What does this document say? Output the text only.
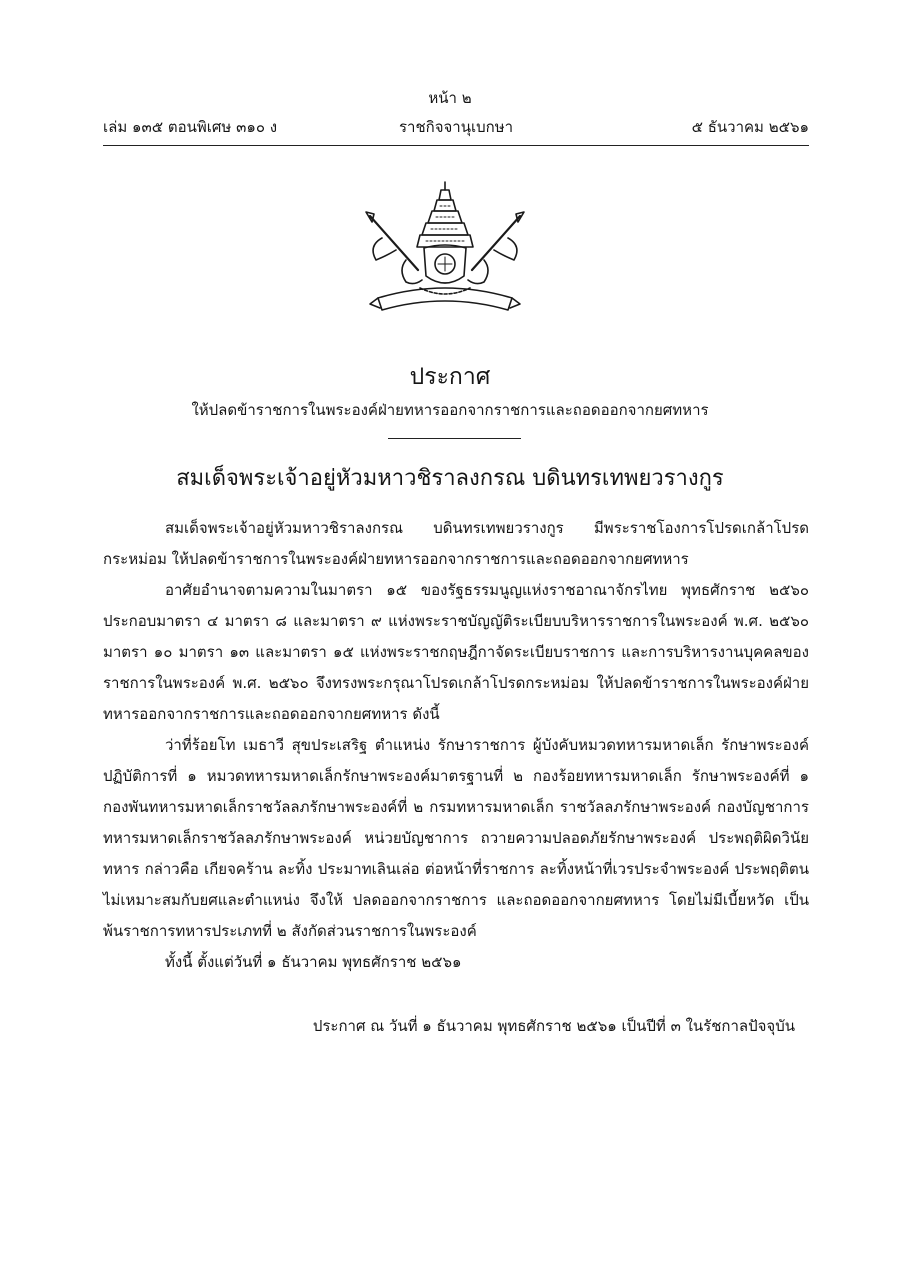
หน้า ๒
เล่ม ๑๓๕ ตอนพิเศษ ๓๑๐ ง	ราชกิจจานุเบกษา	๕ ธันวาคม ๒๕๖๑
ประกาศ
ให้ปลดข้าราชการในพระองค์ฝ่ายทหารออกจากราชการและถอดออกจากยศทหาร
สมเด็จพระเจ้าอยู่หัวมหาวชิราลงกรณ บดินทรเทพยวรางกูร

สมเด็จพระเจ้าอยู่หัวมหาวชิราลงกรณ บดินทรเทพยวรางกูร มีพระราชโองการโปรดเกล้าโปรดกระหม่อม ให้ปลดข้าราชการในพระองค์ฝ่ายทหารออกจากราชการและถอดออกจากยศทหาร

อาศัยอำนาจตามความในมาตรา ๑๕ ของรัฐธรรมนูญแห่งราชอาณาจักรไทย พุทธศักราช ๒๕๖๐ ประกอบมาตรา ๔ มาตรา ๘ และมาตรา ๙ แห่งพระราชบัญญัติระเบียบบริหารราชการในพระองค์ พ.ศ. ๒๕๖๐ มาตรา ๑๐ มาตรา ๑๓ และมาตรา ๑๕ แห่งพระราชกฤษฎีกาจัดระเบียบราชการ และการบริหารงานบุคคลของราชการในพระองค์ พ.ศ. ๒๕๖๐ จึงทรงพระกรุณาโปรดเกล้าโปรดกระหม่อม ให้ปลดข้าราชการในพระองค์ฝ่ายทหารออกจากราชการและถอดออกจากยศทหาร ดังนี้

ว่าที่ร้อยโท เมธาวี สุขประเสริฐ ตำแหน่ง รักษาราชการ ผู้บังคับหมวดทหารมหาดเล็ก รักษาพระองค์ปฏิบัติการที่ ๑ หมวดทหารมหาดเล็กรักษาพระองค์มาตรฐานที่ ๒ กองร้อยทหารมหาดเล็ก รักษาพระองค์ที่ ๑ กองพันทหารมหาดเล็กราชวัลลภรักษาพระองค์ที่ ๒ กรมทหารมหาดเล็ก ราชวัลลภรักษาพระองค์ กองบัญชาการทหารมหาดเล็กราชวัลลภรักษาพระองค์ หน่วยบัญชาการ ถวายความปลอดภัยรักษาพระองค์ ประพฤติผิดวินัยทหาร กล่าวคือ เกียจคร้าน ละทิ้ง ประมาทเลินเล่อ ต่อหน้าที่ราชการ ละทิ้งหน้าที่เวรประจำพระองค์ ประพฤติตนไม่เหมาะสมกับยศและตำแหน่ง จึงให้ ปลดออกจากราชการ และถอดออกจากยศทหาร โดยไม่มีเบี้ยหวัด เป็น พ้นราชการทหารประเภทที่ ๒ สังกัดส่วนราชการในพระองค์

ทั้งนี้ ตั้งแต่วันที่ ๑ ธันวาคม พุทธศักราช ๒๕๖๑

ประกาศ ณ วันที่ ๑ ธันวาคม พุทธศักราช ๒๕๖๑ เป็นปีที่ ๓ ในรัชกาลปัจจุบัน
